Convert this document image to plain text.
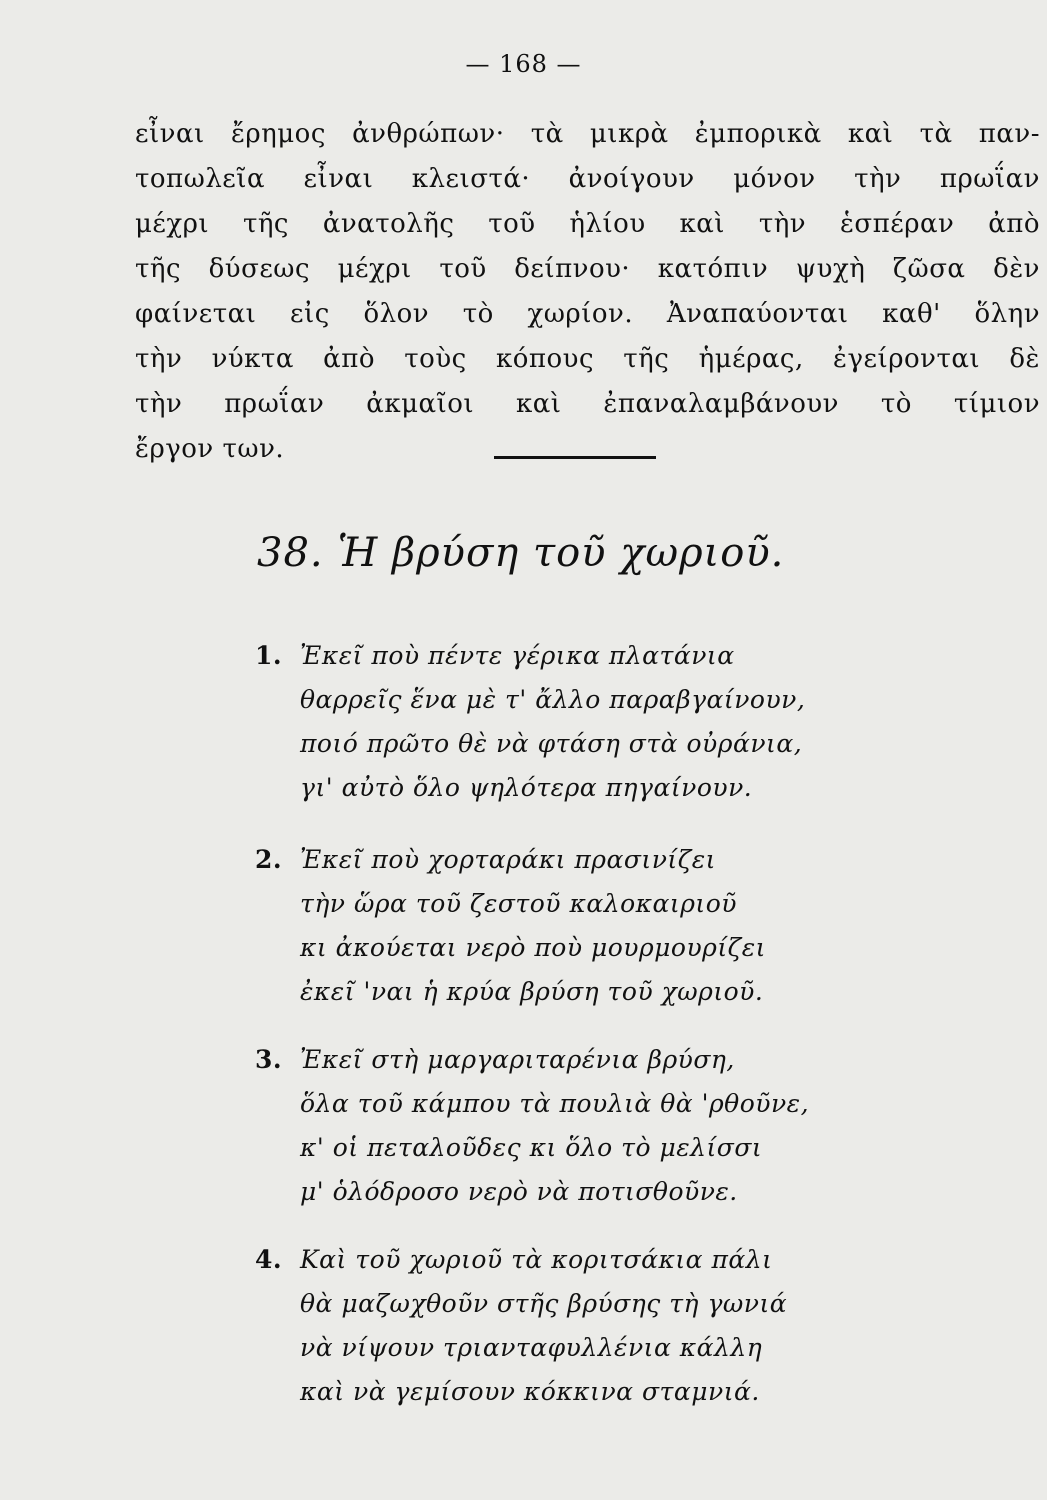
— 168 —
εἶναι ἔρημος ἀνθρώπων· τὰ μικρὰ ἐμπορικὰ καὶ τὰ παν-
τοπωλεῖα εἶναι κλειστά· ἀνοίγουν μόνον τὴν πρωΐαν
μέχρι τῆς ἀνατολῆς τοῦ ἡλίου καὶ τὴν ἑσπέραν ἀπὸ
τῆς δύσεως μέχρι τοῦ δείπνου· κατόπιν ψυχὴ ζῶσα δὲν
φαίνεται εἰς ὅλον τὸ χωρίον. Ἀναπαύονται καθ' ὅλην
τὴν νύκτα ἀπὸ τοὺς κόπους τῆς ἡμέρας, ἐγείρονται δὲ
τὴν πρωΐαν ἀκμαῖοι καὶ ἐπαναλαμβάνουν τὸ τίμιον
ἔργον των.
38. Ἡ βρύση τοῦ χωριοῦ.
1. Ἐκεῖ ποὺ πέντε γέρικα πλατάνια
θαρρεῖς ἕνα μὲ τ' ἄλλο παραβγαίνουν,
ποιό πρῶτο θὲ νὰ φτάση στὰ οὐράνια,
γι' αὐτὸ ὅλο ψηλότερα πηγαίνουν.
2. Ἐκεῖ ποὺ χορταράκι πρασινίζει
τὴν ὥρα τοῦ ζεστοῦ καλοκαιριοῦ
κι ἀκούεται νερὸ ποὺ μουρμουρίζει
ἐκεῖ 'ναι ἡ κρύα βρύση τοῦ χωριοῦ.
3. Ἐκεῖ στὴ μαργαριταρένια βρύση,
ὅλα τοῦ κάμπου τὰ πουλιὰ θὰ 'ρθοῦνε,
κ' οἱ πεταλοῦδες κι ὅλο τὸ μελίσσι
μ' ὁλόδροσο νερὸ νὰ ποτισθοῦνε.
4. Καὶ τοῦ χωριοῦ τὰ κοριτσάκια πάλι
θὰ μαζωχθοῦν στῆς βρύσης τὴ γωνιά
νὰ νίψουν τριανταφυλλένια κάλλη
καὶ νὰ γεμίσουν κόκκινα σταμνιά.
